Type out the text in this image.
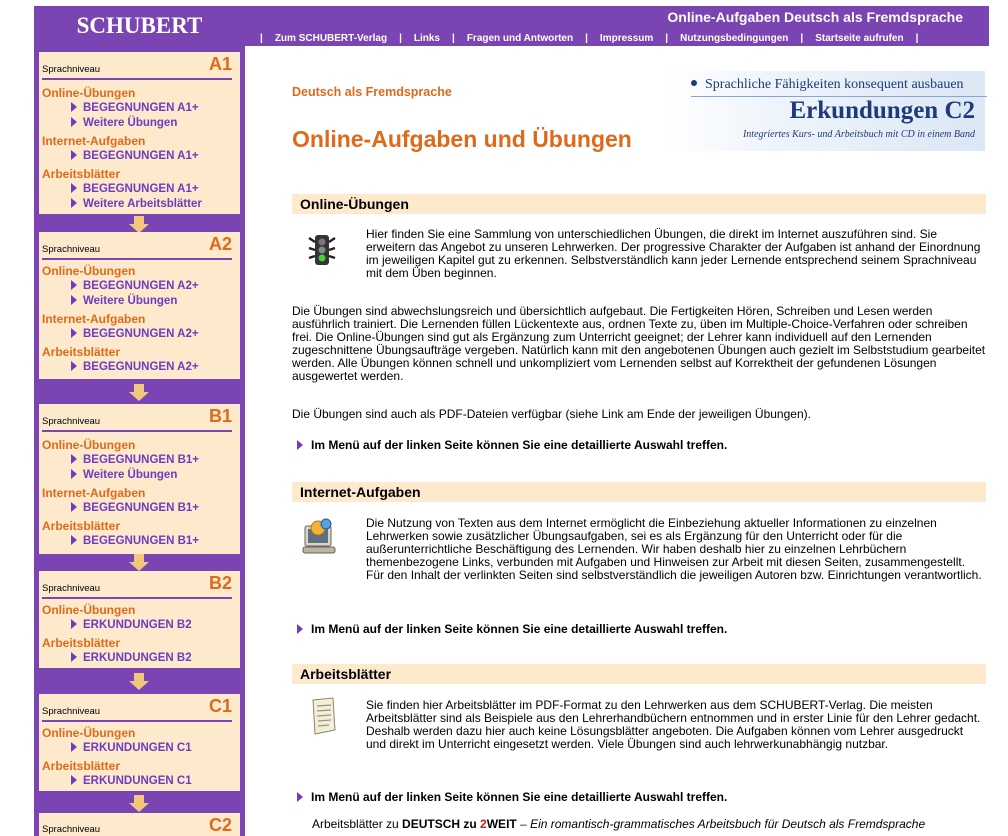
SCHUBERT	Online-Aufgaben Deutsch als Fremdsprache
| Zum SCHUBERT-Verlag | Links | Fragen und Antworten | Impressum | Nutzungsbedingungen | Startseite aufrufen |
Sprachniveau	A1
Online-Übungen
BEGEGNUNGEN A1+
Weitere Übungen
Internet-Aufgaben
BEGEGNUNGEN A1+
Arbeitsblätter
BEGEGNUNGEN A1+
Weitere Arbeitsblätter
Sprachniveau	A2
Online-Übungen
BEGEGNUNGEN A2+
Weitere Übungen
Internet-Aufgaben
BEGEGNUNGEN A2+
Arbeitsblätter
BEGEGNUNGEN A2+
Sprachniveau	B1
Online-Übungen
BEGEGNUNGEN B1+
Weitere Übungen
Internet-Aufgaben
BEGEGNUNGEN B1+
Arbeitsblätter
BEGEGNUNGEN B1+
Sprachniveau	B2
Online-Übungen
ERKUNDUNGEN B2
Arbeitsblätter
ERKUNDUNGEN B2
Sprachniveau	C1
Online-Übungen
ERKUNDUNGEN C1
Arbeitsblätter
ERKUNDUNGEN C1
Sprachniveau	C2
Deutsch als Fremdsprache
Online-Aufgaben und Übungen
Sprachliche Fähigkeiten konsequent ausbauen
Erkundungen C2
Integriertes Kurs- und Arbeitsbuch mit CD in einem Band
Online-Übungen
Hier finden Sie eine Sammlung von unterschiedlichen Übungen, die direkt im Internet auszuführen sind. Sie erweitern das Angebot zu unseren Lehrwerken. Der progressive Charakter der Aufgaben ist anhand der Einordnung im jeweiligen Kapitel gut zu erkennen. Selbstverständlich kann jeder Lernende entsprechend seinem Sprachniveau mit dem Üben beginnen.
Die Übungen sind abwechslungsreich und übersichtlich aufgebaut. Die Fertigkeiten Hören, Schreiben und Lesen werden ausführlich trainiert. Die Lernenden füllen Lückentexte aus, ordnen Texte zu, üben im Multiple-Choice-Verfahren oder schreiben frei. Die Online-Übungen sind gut als Ergänzung zum Unterricht geeignet; der Lehrer kann individuell auf den Lernenden zugeschnittene Übungsaufträge vergeben. Natürlich kann mit den angebotenen Übungen auch gezielt im Selbststudium gearbeitet werden. Alle Übungen können schnell und unkompliziert vom Lernenden selbst auf Korrektheit der gefundenen Lösungen ausgewertet werden.
Die Übungen sind auch als PDF-Dateien verfügbar (siehe Link am Ende der jeweiligen Übungen).
Im Menü auf der linken Seite können Sie eine detaillierte Auswahl treffen.
Internet-Aufgaben
Die Nutzung von Texten aus dem Internet ermöglicht die Einbeziehung aktueller Informationen zu einzelnen Lehrwerken sowie zusätzlicher Übungsaufgaben, sei es als Ergänzung für den Unterricht oder für die außerunterrichtliche Beschäftigung des Lernenden. Wir haben deshalb hier zu einzelnen Lehrbüchern themenbezogene Links, verbunden mit Aufgaben und Hinweisen zur Arbeit mit diesen Seiten, zusammengestellt. Für den Inhalt der verlinkten Seiten sind selbstverständlich die jeweiligen Autoren bzw. Einrichtungen verantwortlich.
Im Menü auf der linken Seite können Sie eine detaillierte Auswahl treffen.
Arbeitsblätter
Sie finden hier Arbeitsblätter im PDF-Format zu den Lehrwerken aus dem SCHUBERT-Verlag. Die meisten Arbeitsblätter sind als Beispiele aus den Lehrerhandbüchern entnommen und in erster Linie für den Lehrer gedacht. Deshalb werden dazu hier auch keine Lösungsblätter angeboten. Die Aufgaben können vom Lehrer ausgedruckt und direkt im Unterricht eingesetzt werden. Viele Übungen sind auch lehrwerkunabhängig nutzbar.
Im Menü auf der linken Seite können Sie eine detaillierte Auswahl treffen.
Arbeitsblätter zu DEUTSCH zu 2WEIT – Ein romantisch-grammatisches Arbeitsbuch für Deutsch als Fremdsprache
